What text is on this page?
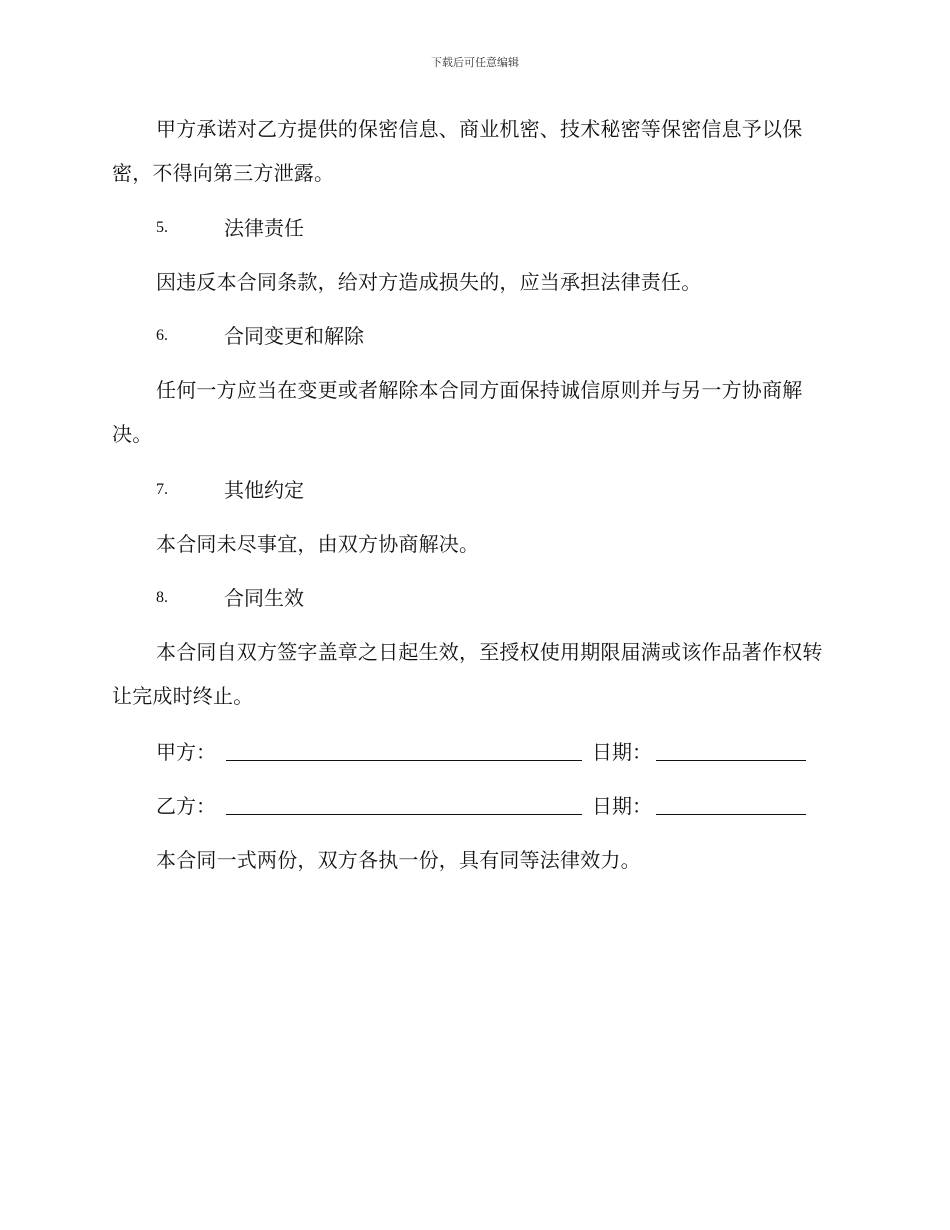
下载后可任意编辑

甲方承诺对乙方提供的保密信息、商业机密、技术秘密等保密信息予以保密，不得向第三方泄露。

5.	法律责任

因违反本合同条款，给对方造成损失的，应当承担法律责任。

6.	合同变更和解除

任何一方应当在变更或者解除本合同方面保持诚信原则并与另一方协商解决。

7.	其他约定

本合同未尽事宜，由双方协商解决。

8.	合同生效

本合同自双方签字盖章之日起生效，至授权使用期限届满或该作品著作权转让完成时终止。

甲方：	日期：
乙方：	日期：

本合同一式两份，双方各执一份，具有同等法律效力。
